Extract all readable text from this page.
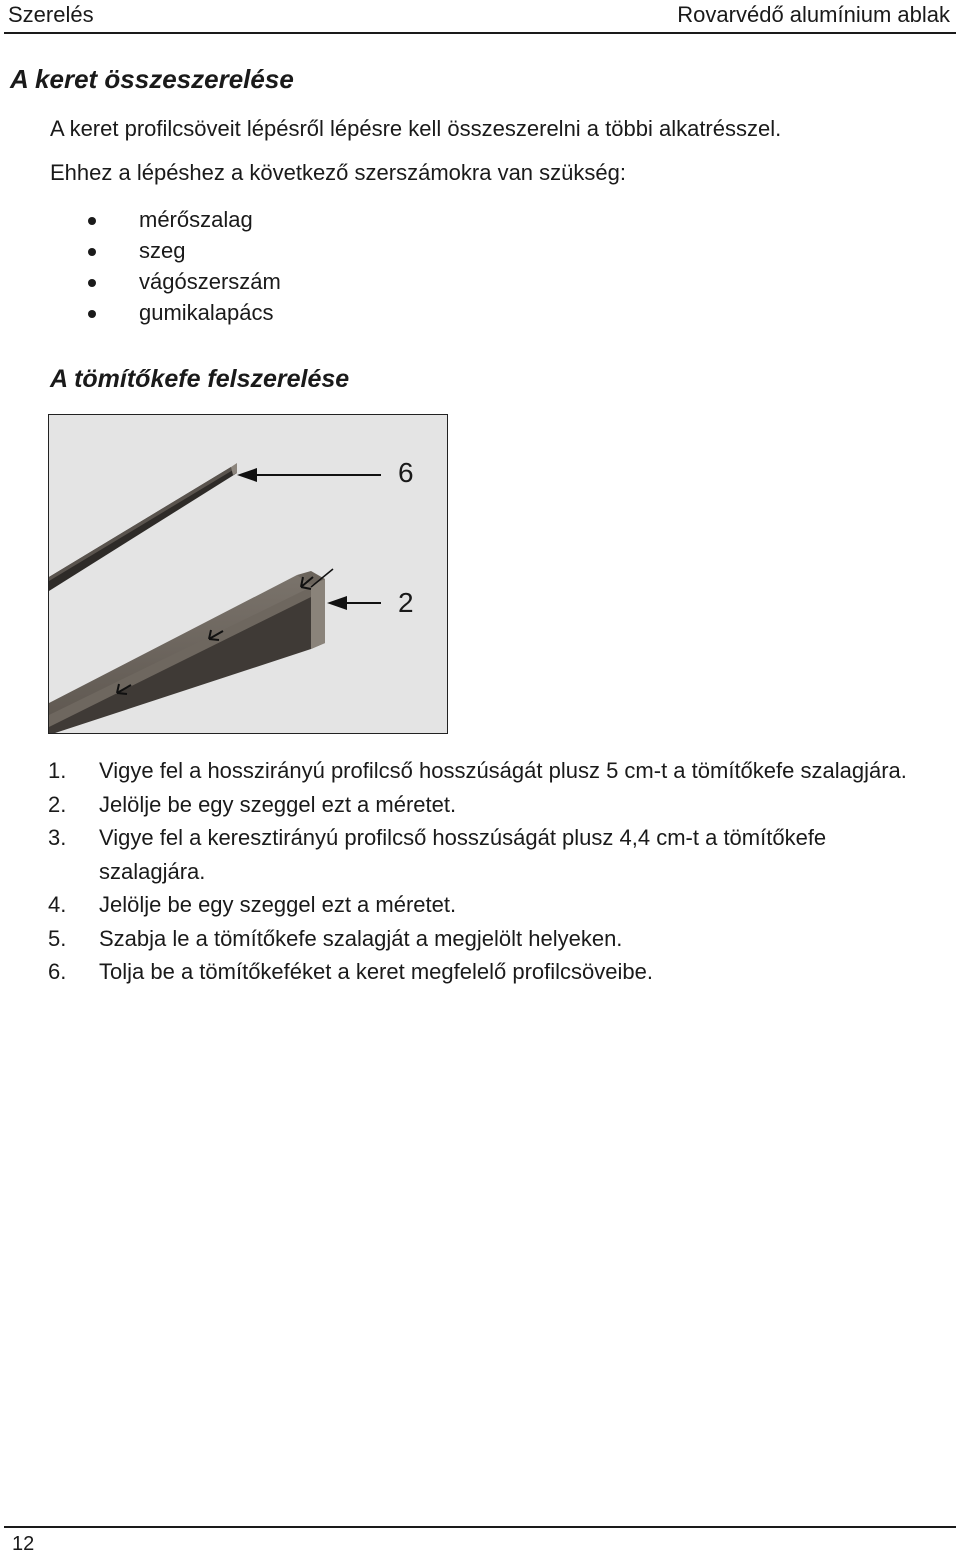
Szerelés	Rovarvédő alumínium ablak
A keret összeszerelése
A keret profilcsöveit lépésről lépésre kell összeszerelni a többi alkatrésszel.
Ehhez a lépéshez a következő szerszámokra van szükség:
mérőszalag
szeg
vágószerszám
gumikalapács
A tömítőkefe felszerelése
6
2
1. Vigye fel a hosszirányú profilcső hosszúságát plusz 5 cm-t a tömítőkefe szalagjára.
2. Jelölje be egy szeggel ezt a méretet.
3. Vigye fel a keresztirányú profilcső hosszúságát plusz 4,4 cm-t a tömítőkefe szalagjára.
4. Jelölje be egy szeggel ezt a méretet.
5. Szabja le a tömítőkefe szalagját a megjelölt helyeken.
6. Tolja be a tömítőkeféket a keret megfelelő profilcsöveibe.
12
